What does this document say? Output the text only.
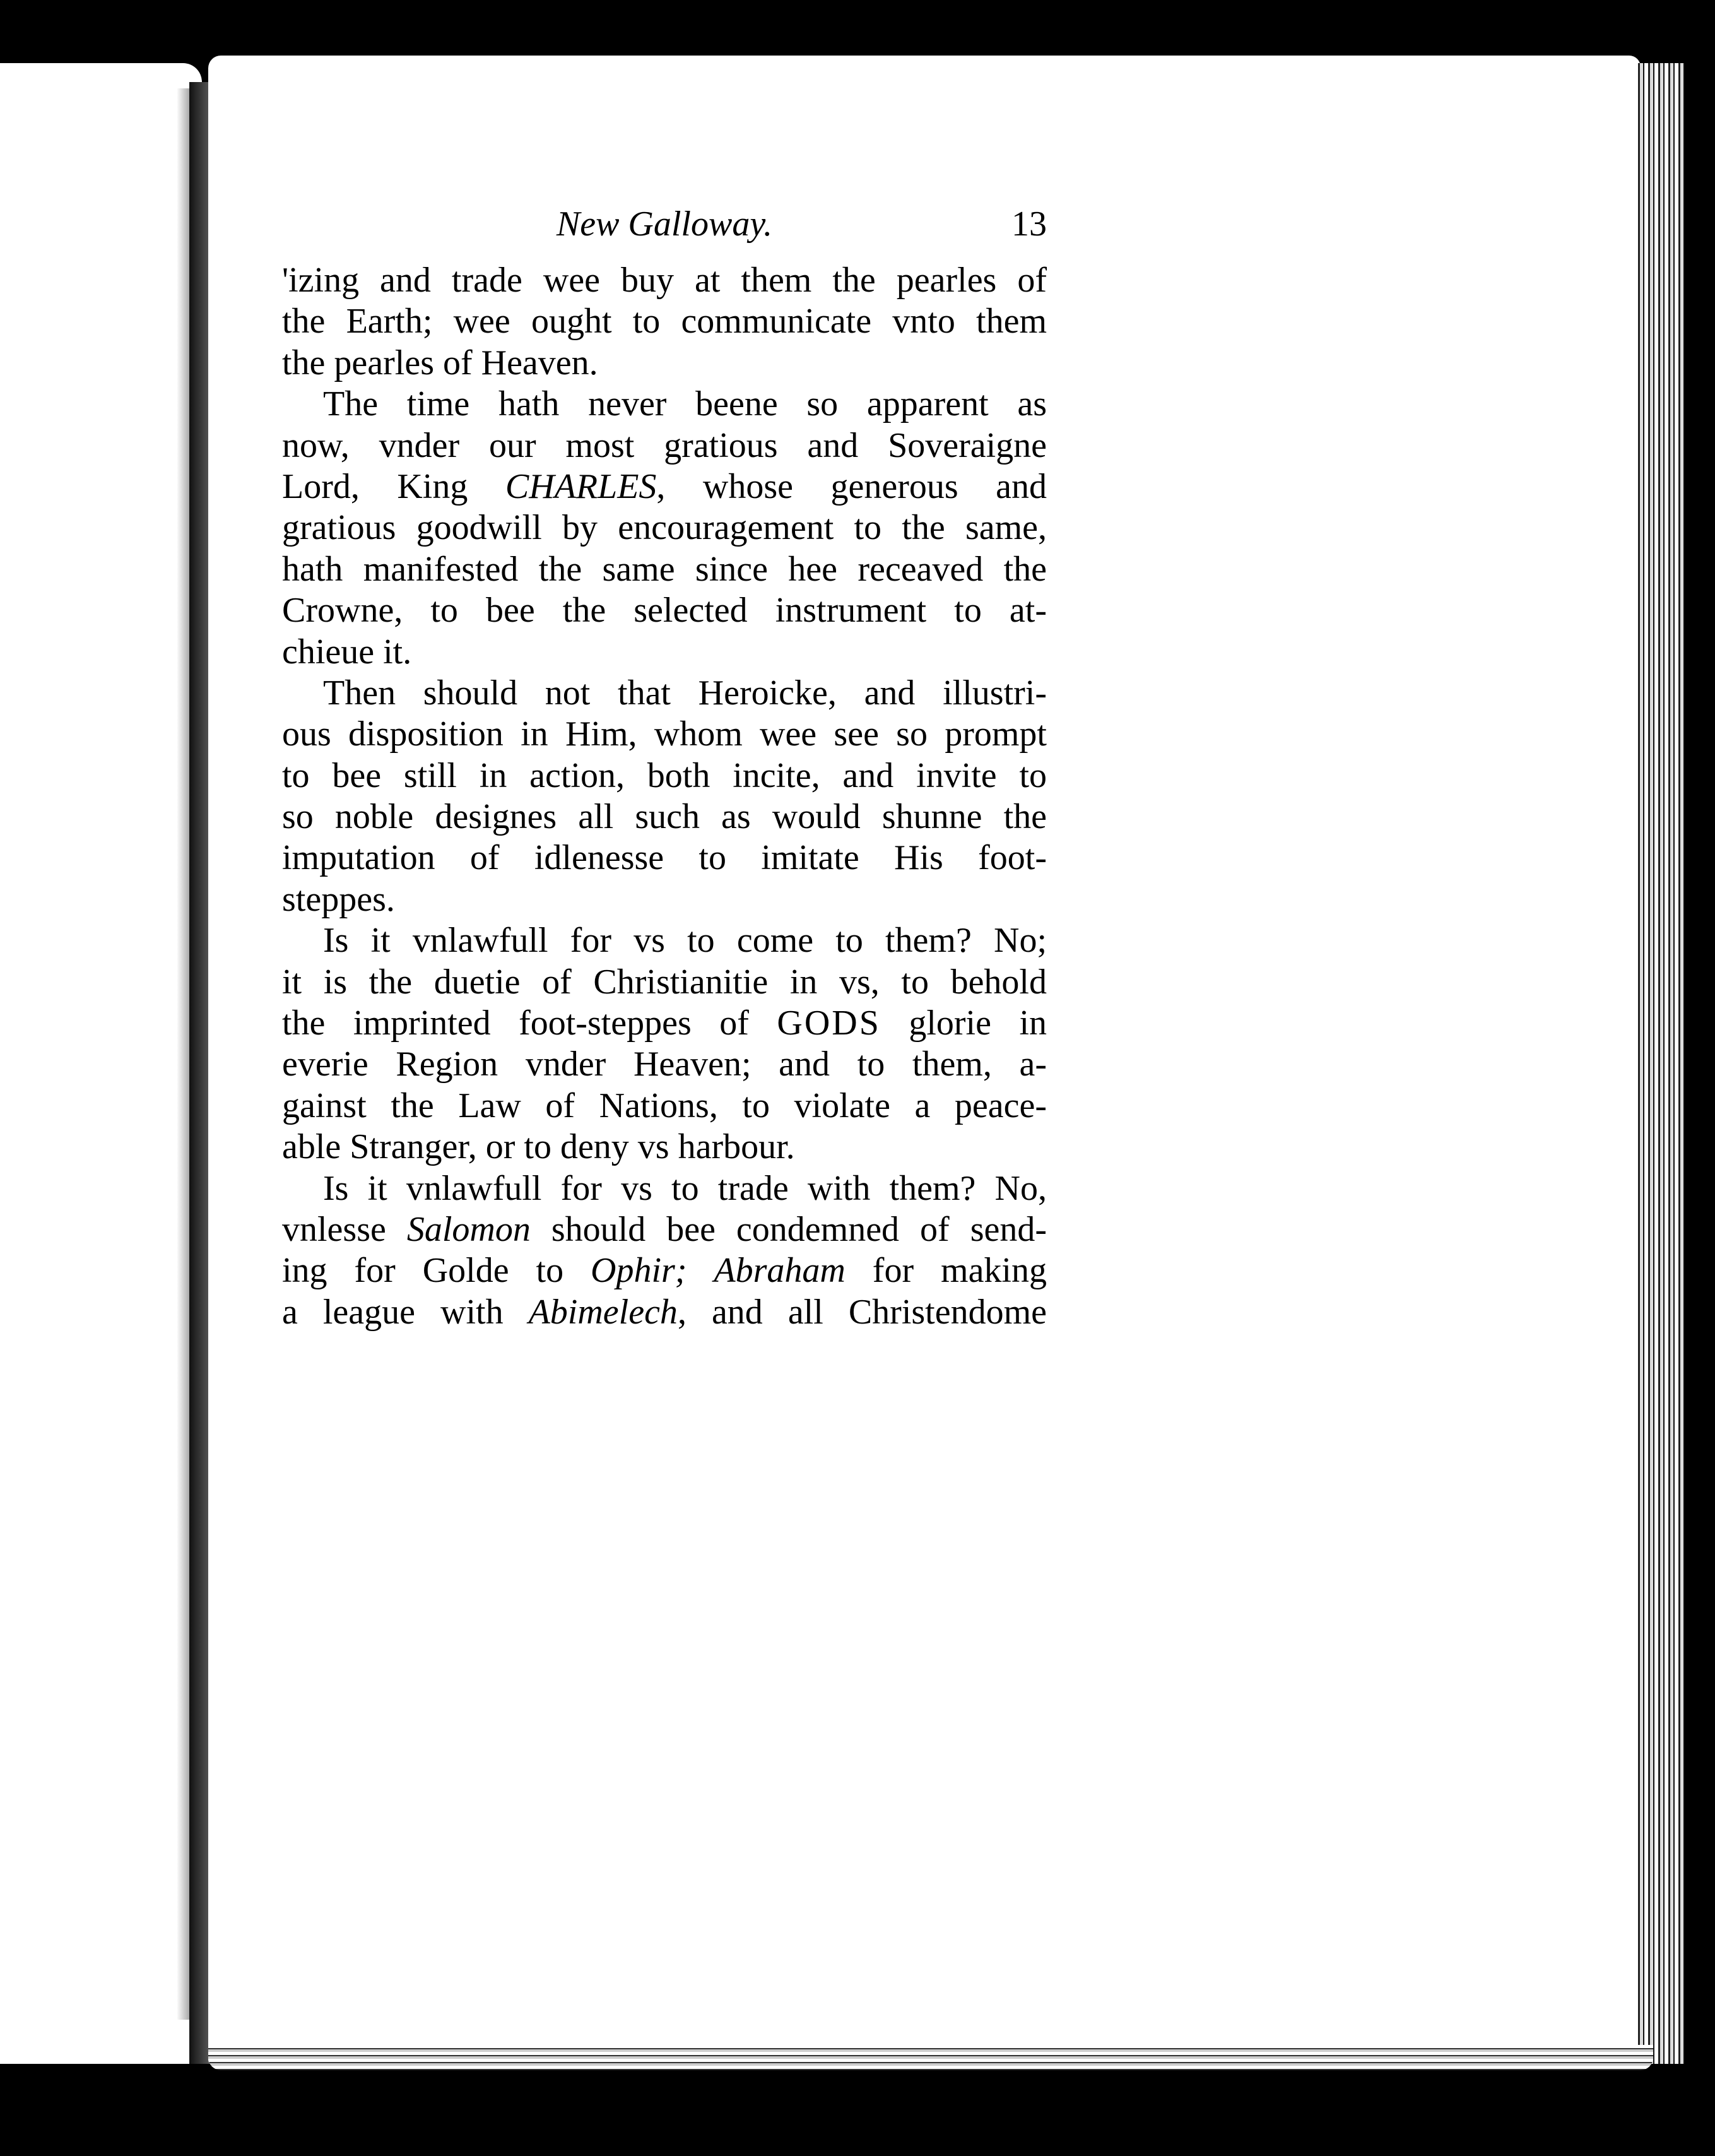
New Galloway.	13
'izing and trade wee buy at them the pearles of
the Earth; wee ought to communicate vnto them
the pearles of Heaven.
The time hath never beene so apparent as
now, vnder our most gratious and Soveraigne
Lord, King CHARLES, whose generous and
gratious goodwill by encouragement to the same,
hath manifested the same since hee receaved the
Crowne, to bee the selected instrument to at-
chieue it.
Then should not that Heroicke, and illustri-
ous disposition in Him, whom wee see so prompt
to bee still in action, both incite, and invite to
so noble designes all such as would shunne the
imputation of idlenesse to imitate His foot-
steppes.
Is it vnlawfull for vs to come to them? No;
it is the duetie of Christianitie in vs, to behold
the imprinted foot-steppes of GODS glorie in
everie Region vnder Heaven; and to them, a-
gainst the Law of Nations, to violate a peace-
able Stranger, or to deny vs harbour.
Is it vnlawfull for vs to trade with them? No,
vnlesse Salomon should bee condemned of send-
ing for Golde to Ophir; Abraham for making
a league with Abimelech, and all Christendome
